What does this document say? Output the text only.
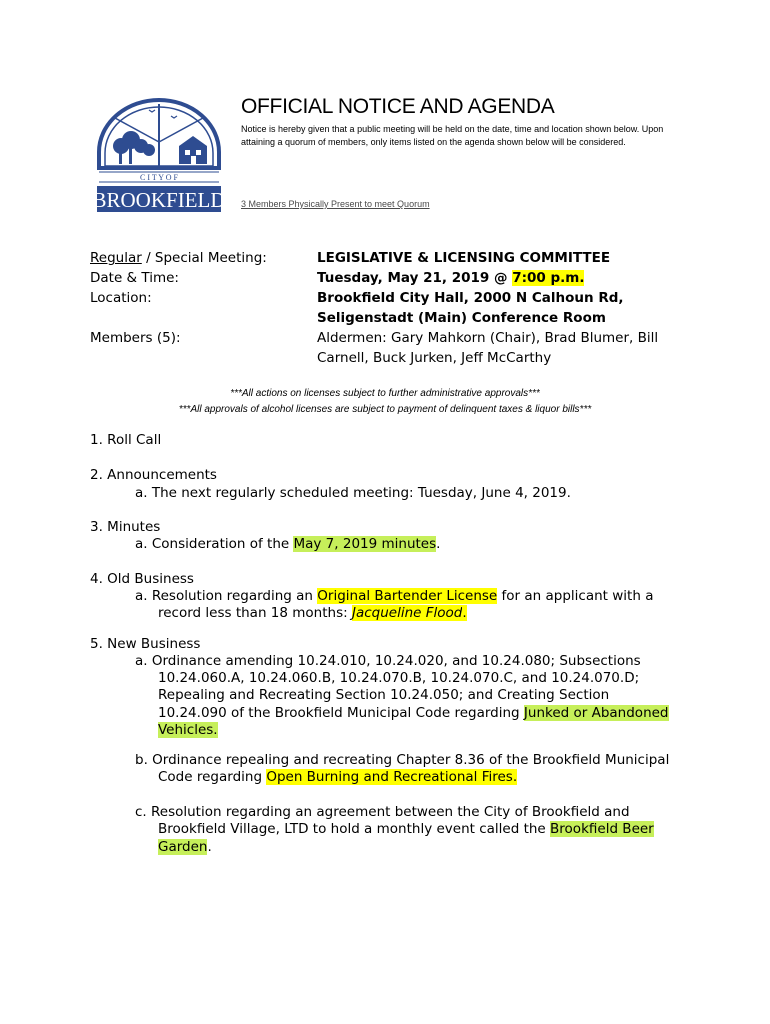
C I T Y O F
BROOKFIELD
OFFICIAL NOTICE AND AGENDA
Notice is hereby given that a public meeting will be held on the date, time and location shown below. Upon
attaining a quorum of members, only items listed on the agenda shown below will be considered.
3 Members Physically Present to meet Quorum
Regular / Special Meeting:	LEGISLATIVE & LICENSING COMMITTEE
Date & Time:	Tuesday, May 21, 2019 @ 7:00 p.m.
Location:	Brookfield City Hall, 2000 N Calhoun Rd,
Seligenstadt (Main) Conference Room
Members (5):	Aldermen: Gary Mahkorn (Chair), Brad Blumer, Bill
Carnell, Buck Jurken, Jeff McCarthy
***All actions on licenses subject to further administrative approvals***
***All approvals of alcohol licenses are subject to payment of delinquent taxes & liquor bills***
1. Roll Call
2. Announcements
a. The next regularly scheduled meeting: Tuesday, June 4, 2019.
3. Minutes
a. Consideration of the May 7, 2019 minutes.
4. Old Business
a. Resolution regarding an Original Bartender License for an applicant with a
record less than 18 months: Jacqueline Flood.
5. New Business
a. Ordinance amending 10.24.010, 10.24.020, and 10.24.080; Subsections
10.24.060.A, 10.24.060.B, 10.24.070.B, 10.24.070.C, and 10.24.070.D;
Repealing and Recreating Section 10.24.050; and Creating Section
10.24.090 of the Brookfield Municipal Code regarding Junked or Abandoned
Vehicles.
b. Ordinance repealing and recreating Chapter 8.36 of the Brookfield Municipal
Code regarding Open Burning and Recreational Fires.
c. Resolution regarding an agreement between the City of Brookfield and
Brookfield Village, LTD to hold a monthly event called the Brookfield Beer
Garden.
